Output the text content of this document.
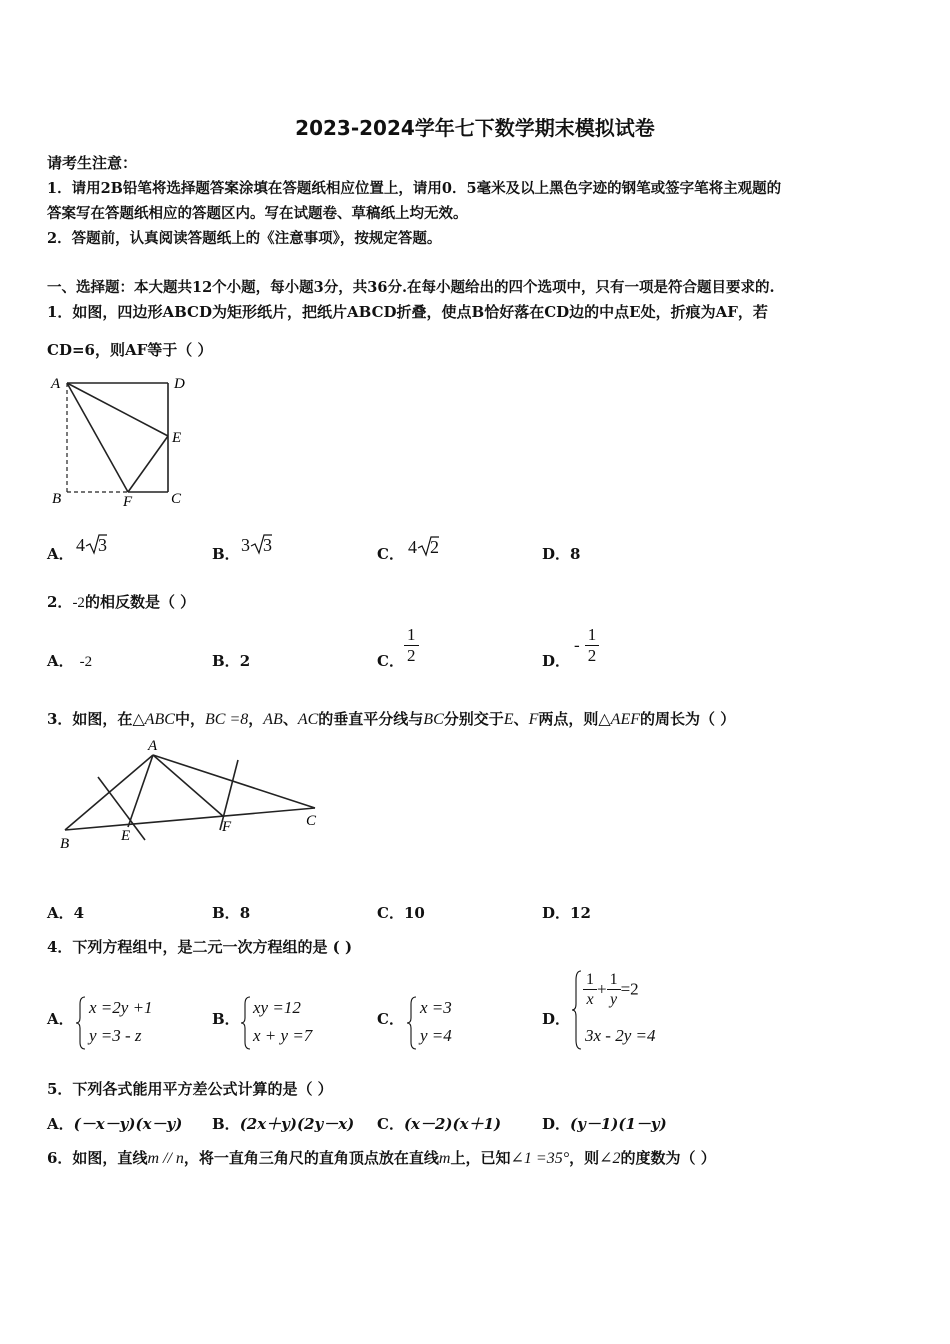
2023-2024学年七下数学期末模拟试卷
请考生注意：
1．请用2B铅笔将选择题答案涂填在答题纸相应位置上，请用0．5毫米及以上黑色字迹的钢笔或签字笔将主观题的
答案写在答题纸相应的答题区内。写在试题卷、草稿纸上均无效。
2．答题前，认真阅读答题纸上的《注意事项》，按规定答题。
一、选择题：本大题共12个小题，每小题3分，共36分.在每小题给出的四个选项中，只有一项是符合题目要求的.
1．如图，四边形ABCD为矩形纸片，把纸片ABCD折叠，使点B恰好落在CD边的中点E处，折痕为AF，若
CD=6，则AF等于（ ）
A	D
E
B	F	C
A． 4 3	B． 3 3	C． 4 2	D．8
2．-2的相反数是（ ）
A． -2	B．2	C． $\frac{1}{2}$	D．
- $\frac{1}{2}$
3．如图，在△ABC中，BC =8，AB、AC的垂直平分线与BC分别交于E、F两点，则△AEF的周长为（ ）
A
B	E
F	C
A．4	B．8	C．10	D．12
4．下列方程组中，是二元一次方程组的是 ( )
A．
x =2y +1
y =3 - z
B．
xy =12
x + y =7
C．
x =3
y =4
D．
$\frac{1}{x} + \frac{1}{y} =2$
3x - 2y =4
5．下列各式能用平方差公式计算的是（ ）
A．(－x－y)(x－y) B．(2x＋y)(2y－x) C．(x－2)(x＋1)	D．(y－1)(1－y)
6．如图，直线m // n，将一直角三角尺的直角顶点放在直线m上，已知∠1 =35°，则∠2的度数为（ ）
